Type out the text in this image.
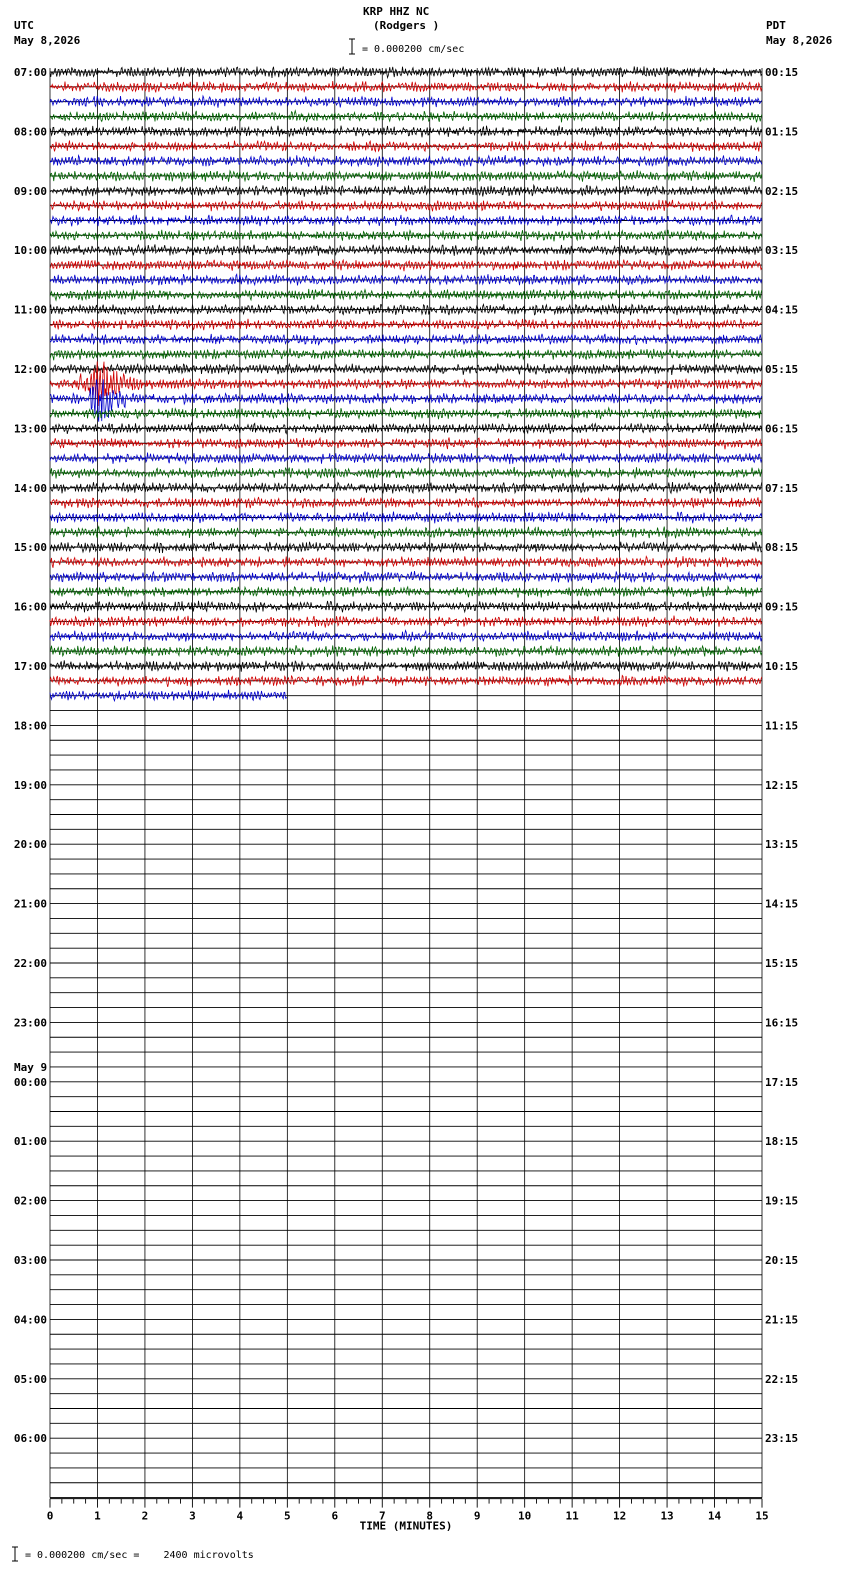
KRP HHZ NC
(Rodgers )
UTC
May 8,2026
PDT
May 8,2026
= 0.000200 cm/sec
= 0.000200 cm/sec =    2400 microvolts
07:00	00:15
08:00	01:15
09:00	02:15
10:00	03:15
11:00	04:15
12:00	05:15
13:00	06:15
14:00	07:15
15:00	08:15
16:00	09:15
17:00	10:15
18:00	11:15
19:00	12:15
20:00	13:15
21:00	14:15
22:00	15:15
23:00	16:15
00:00	17:15
01:00	18:15
02:00	19:15
03:00	20:15
04:00	21:15
05:00	22:15
06:00	23:15
May 9
0	1	2	3	4	5	6	7	8	9	10	11	12	13	14	15
TIME (MINUTES)
